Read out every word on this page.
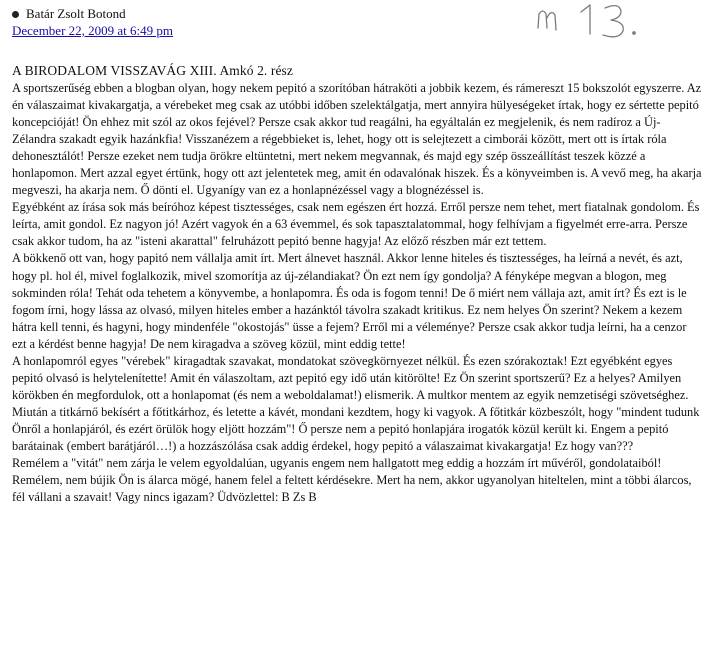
Batár Zsolt Botond
December 22, 2009 at 6:49 pm
A BIRODALOM VISSZAVÁG XIII. Amkó 2. rész

A sportszerűség ebben a blogban olyan, hogy nekem pepitó a szorítóban hátraköti a jobbik kezem, és rámereszt 15 bokszolót egyszerre. Az én válaszaimat kivakargatja, a vérebeket meg csak az utóbbi időben szelektálgatja, mert annyira hülyeségeket írtak, hogy ez sértette pepitó koncepcióját! Ön ehhez mit szól az okos fejével? Persze csak akkor tud reagálni, ha egyáltalán ez megjelenik, és nem radíroz a Új-Zélandra szakadt egyik hazánkfia! Visszanézem a régebbieket is, lehet, hogy ott is selejtezett a cimborái között, mert ott is írtak róla dehonesztálót! Persze ezeket nem tudja örökre eltüntetni, mert nekem megvannak, és majd egy szép összeállítást teszek közzé a honlapomon. Mert azzal egyet értünk, hogy ott azt jelentetek meg, amit én odavalónak hiszek. És a könyveimben is. A vevő meg, ha akarja megveszi, ha akarja nem. Ő dönti el. Ugyanígy van ez a honlapnézéssel vagy a blognézéssel is.

Egyébként az írása sok más beíróhoz képest tisztességes, csak nem egészen ért hozzá. Erről persze nem tehet, mert fiatalnak gondolom. És leírta, amit gondol. Ez nagyon jó! Azért vagyok én a 63 évemmel, és sok tapasztalatommal, hogy felhívjam a figyelmét erre-arra. Persze csak akkor tudom, ha az "isteni akarattal" felruházott pepitó benne hagyja! Az előző részben már ezt tettem.

A bökkenő ott van, hogy papitó nem vállalja amit írt. Mert álnevet használ. Akkor lenne hiteles és tisztességes, ha leírná a nevét, és azt, hogy pl. hol él, mivel foglalkozik, mivel szomorítja az új-zélandiakat? Ön ezt nem így gondolja? A fényképe megvan a blogon, meg sokminden róla! Tehát oda tehetem a könyvembe, a honlapomra. És oda is fogom tenni! De ő miért nem vállaja azt, amit írt? És ezt is le fogom írni, hogy lássa az olvasó, milyen hiteles ember a hazánktól távolra szakadt kritikus. Ez nem helyes Ön szerint? Nekem a kezem hátra kell tenni, és hagyni, hogy mindenféle "okostojás" üsse a fejem? Erről mi a véleménye? Persze csak akkor tudja leírni, ha a cenzor ezt a kérdést benne hagyja! De nem kiragadva a szöveg közül, mint eddig tette!

A honlapomról egyes "vérebek" kiragadtak szavakat, mondatokat szövegkörnyezet nélkül. És ezen szórakoztak! Ezt egyébként egyes pepitó olvasó is helytelenítette! Amit én válaszoltam, azt pepitó egy idő után kitörölte! Ez Ön szerint sportszerű? Ez a helyes? Amilyen körökben én megfordulok, ott a honlapomat (és nem a weboldalamat!) elismerik. A multkor mentem az egyik nemzetiségi szövetséghez. Miután a titkárnő bekísért a főtitkárhoz, és letette a kávét, mondani kezdtem, hogy ki vagyok. A főtitkár közbeszólt, hogy "mindent tudunk Önről a honlapjáról, és ezért örülök hogy eljött hozzám"! Ő persze nem a pepitó honlapjára irogatók közül került ki. Engem a pepitó barátainak (embert barátjáról…!) a hozzászólása csak addig érdekel, hogy pepitó a válaszaimat kivakargatja! Ez hogy van???

Remélem a "vitát" nem zárja le velem egyoldalúan, ugyanis engem nem hallgatott meg eddig a hozzám írt művéről, gondolataiból! Remélem, nem bújik Ön is álarca mögé, hanem felel a feltett kérdésekre. Mert ha nem, akkor ugyanolyan hiteltelen, mint a többi álarcos, fél vállani a szavait! Vagy nincs igazam? Üdvözlettel: B Zs B
